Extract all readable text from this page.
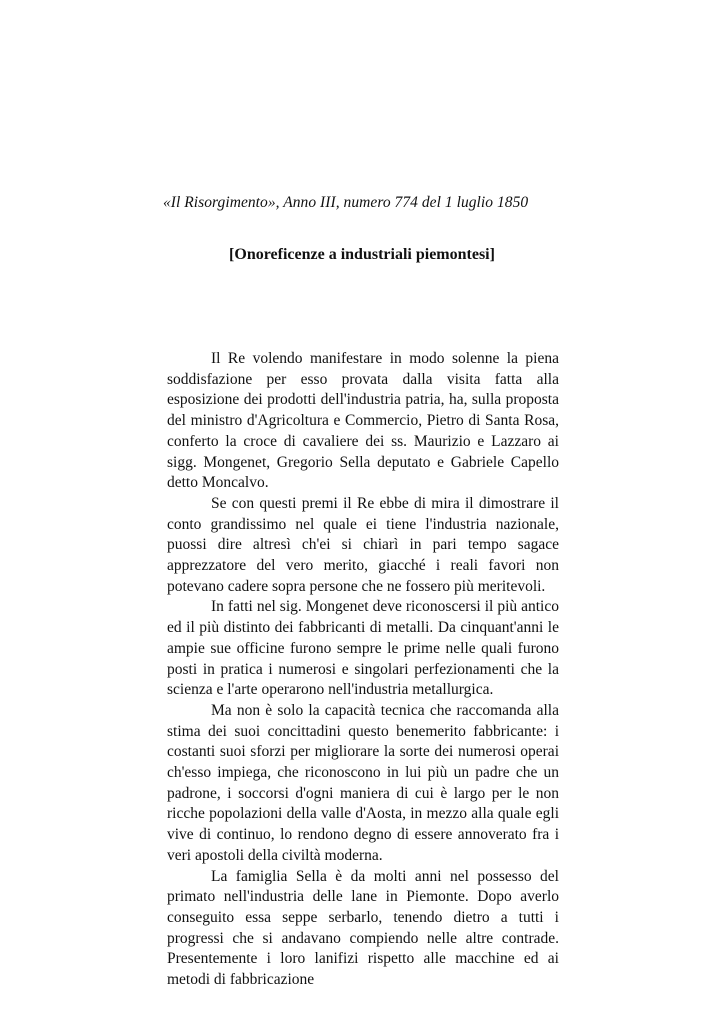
«Il Risorgimento», Anno III, numero 774 del 1 luglio 1850
[Onoreficenze a industriali piemontesi]

Il Re volendo manifestare in modo solenne la piena soddisfazione per esso provata dalla visita fatta alla esposizione dei prodotti dell'industria patria, ha, sulla proposta del ministro d'Agricoltura e Commercio, Pietro di Santa Rosa, conferto la croce di cavaliere dei ss. Maurizio e Lazzaro ai sigg. Mongenet, Gregorio Sella deputato e Gabriele Capello detto Moncalvo.

Se con questi premi il Re ebbe di mira il dimostrare il conto grandissimo nel quale ei tiene l'industria nazionale, puossi dire altresì ch'ei si chiarì in pari tempo sagace apprezzatore del vero merito, giacché i reali favori non potevano cadere sopra persone che ne fossero più meritevoli.

In fatti nel sig. Mongenet deve riconoscersi il più antico ed il più distinto dei fabbricanti di metalli. Da cinquant'anni le ampie sue officine furono sempre le prime nelle quali furono posti in pratica i numerosi e singolari perfezionamenti che la scienza e l'arte operarono nell'industria metallurgica.

Ma non è solo la capacità tecnica che raccomanda alla stima dei suoi concittadini questo benemerito fabbricante: i costanti suoi sforzi per migliorare la sorte dei numerosi operai ch'esso impiega, che riconoscono in lui più un padre che un padrone, i soccorsi d'ogni maniera di cui è largo per le non ricche popolazioni della valle d'Aosta, in mezzo alla quale egli vive di continuo, lo rendono degno di essere annoverato fra i veri apostoli della civiltà moderna.

La famiglia Sella è da molti anni nel possesso del primato nell'industria delle lane in Piemonte. Dopo averlo conseguito essa seppe serbarlo, tenendo dietro a tutti i progressi che si andavano compiendo nelle altre contrade. Presentemente i loro lanifizi rispetto alle macchine ed ai metodi di fabbricazione
